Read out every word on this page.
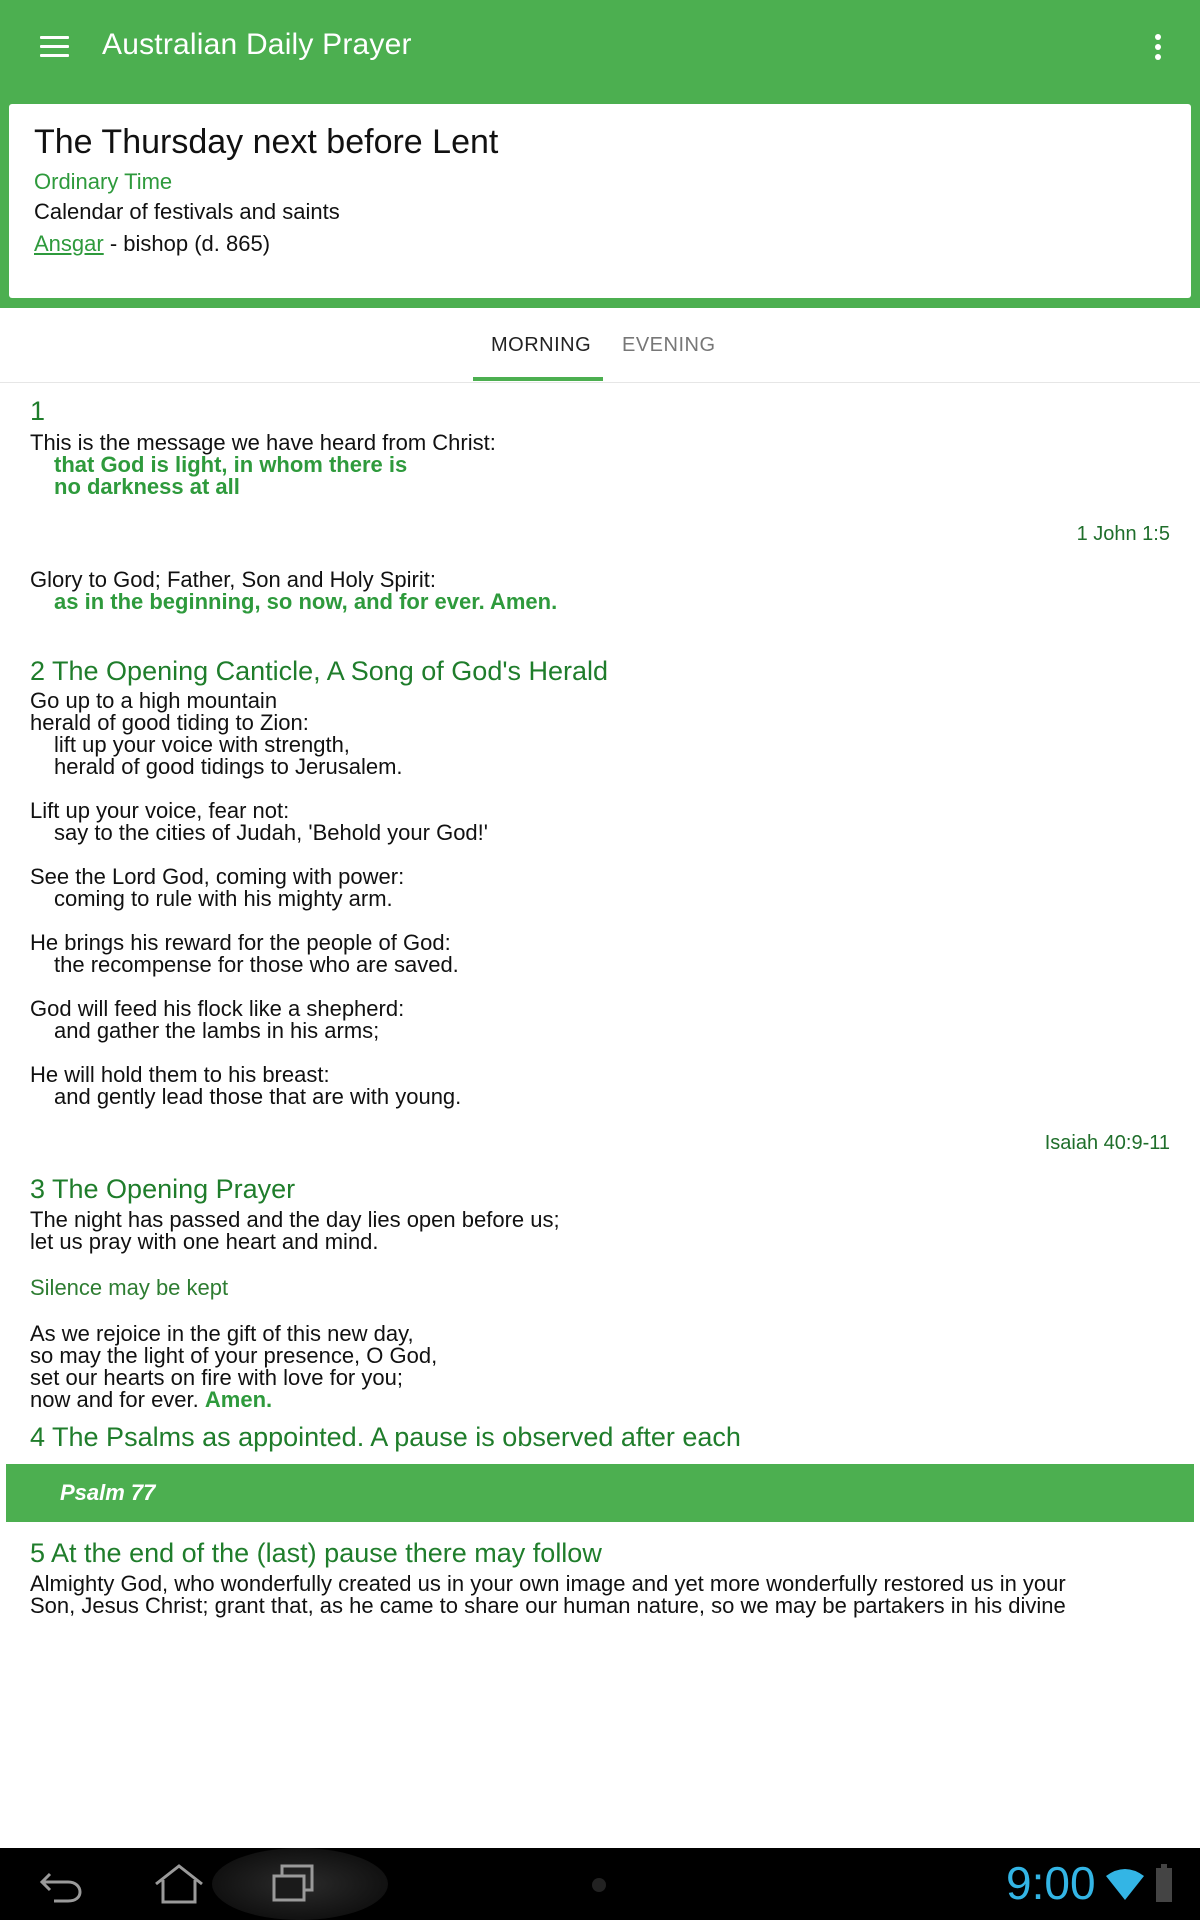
Australian Daily Prayer
The Thursday next before Lent
Ordinary Time
Calendar of festivals and saints
Ansgar - bishop (d. 865)
MORNING EVENING
1
This is the message we have heard from Christ:
that God is light, in whom there is
no darkness at all
1 John 1:5
Glory to God; Father, Son and Holy Spirit:
as in the beginning, so now, and for ever. Amen.
2 The Opening Canticle, A Song of God's Herald
Go up to a high mountain
herald of good tiding to Zion:
lift up your voice with strength,
herald of good tidings to Jerusalem.
Lift up your voice, fear not:
say to the cities of Judah, 'Behold your God!'
See the Lord God, coming with power:
coming to rule with his mighty arm.
He brings his reward for the people of God:
the recompense for those who are saved.
God will feed his flock like a shepherd:
and gather the lambs in his arms;
He will hold them to his breast:
and gently lead those that are with young.
Isaiah 40:9-11
3 The Opening Prayer
The night has passed and the day lies open before us;
let us pray with one heart and mind.
Silence may be kept
As we rejoice in the gift of this new day,
so may the light of your presence, O God,
set our hearts on fire with love for you;
now and for ever. Amen.
4 The Psalms as appointed. A pause is observed after each
Psalm 77
5 At the end of the (last) pause there may follow
Almighty God, who wonderfully created us in your own image and yet more wonderfully restored us in your
Son, Jesus Christ; grant that, as he came to share our human nature, so we may be partakers in his divine
9:00
